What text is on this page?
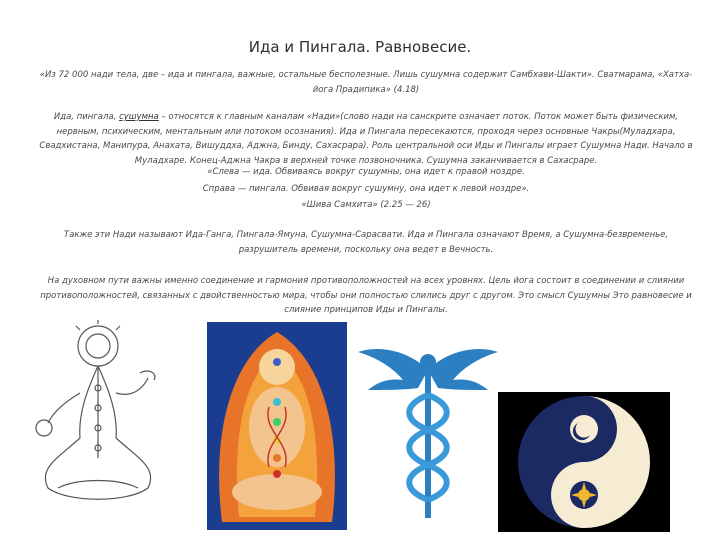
Ида и Пингала. Равновесие.
«Из 72 000 нади тела, две – ида и пингала, важные, остальные бесполезные. Лишь сушумна содержит Самбхави-Шакти». Сватмарама, «Хатха-йога Прадипика» (4.18)
Ида, пингала, сушумна – относятся к главным каналам «Нади»(слово нади на санскрите означает поток. Поток может быть физическим, нервным, психическим, ментальным или потоком осознания). Ида и Пингала пересекаются, проходя через основные Чакры(Муладхара, Свадхистана, Манипура, Анахата, Вишуддха, Аджна, Бинду, Сахасрара). Роль центральной оси Иды и Пингалы играет Сушумна Нади. Начало в Муладхаре. Конец-Аджна Чакра в верхней точке позвоночника. Сушумна заканчивается в Сахасраре.
«Слева — ида. Обвиваясь вокруг сушумны, она идет к правой ноздре.
Справа — пингала. Обвивая вокруг сушумну, она идет к левой ноздре».
«Шива Самхита» (2.25 — 26)
Также эти Нади называют Ида-Ганга, Пингала-Ямуна, Сушумна-Сарасвати. Ида и Пингала означают Время, а Сушумна-безвременье, разрушитель времени, поскольку она ведет в Вечность.
На духовном пути важны именно соединение и гармония противоположностей на всех уровнях. Цель йога состоит в соединении и слиянии противоположностей, связанных с двойственностью мира, чтобы они полностью слились друг с другом. Это смысл Сушумны Это равновесие и слияние принципов Иды и Пингалы.
